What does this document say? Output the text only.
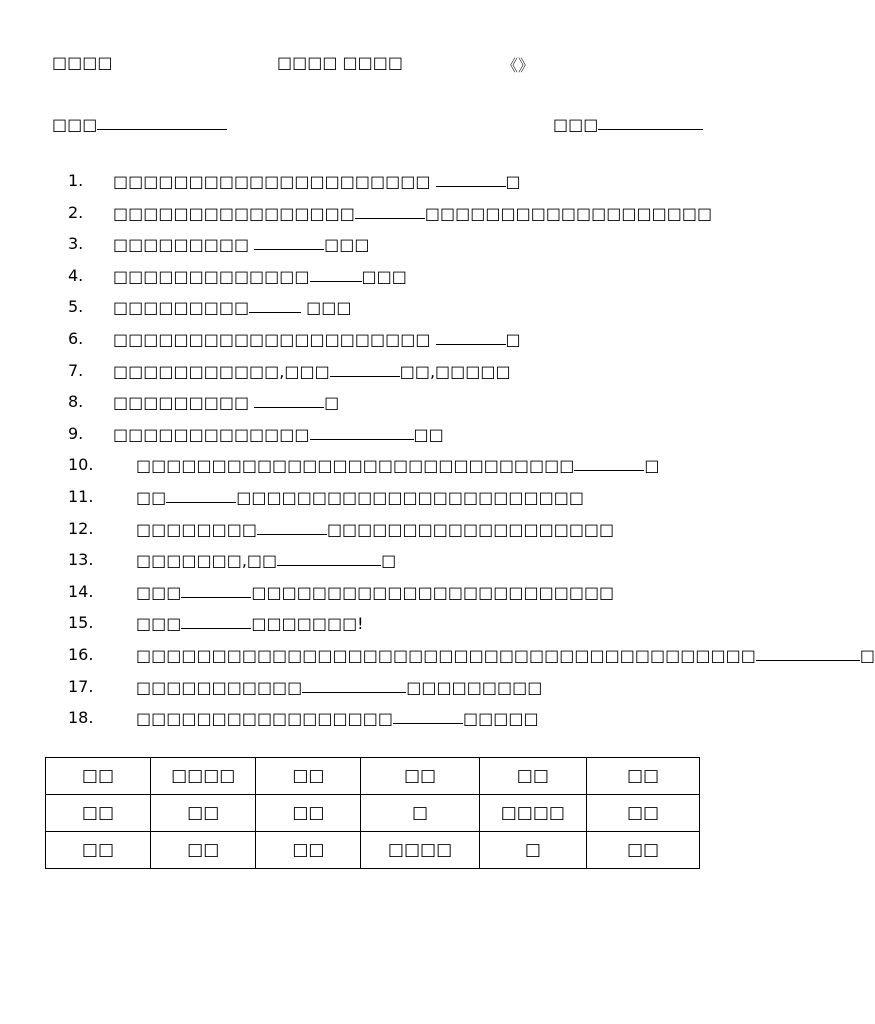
□□□□	□□□□ □□□□	《》
□□□	□□□
1. □□□□□□□□□□□□□□□□□□□□□	□
2. □□□□□□□□□□□□□□□□	□□□□□□□□□□□□□□□□□□□
3. □□□□□□□□□	□□□
4. □□□□□□□□□□□□□	□□□
5. □□□□□□□□□	□□□
6. □□□□□□□□□□□□□□□□□□□□□	□
7. □□□□□□□□□□□,□□□	□□,□□□□□
8. □□□□□□□□□	□
9. □□□□□□□□□□□□□	□□
10.	□□□□□□□□□□□□□□□□□□□□□□□□□□□□□	□
11.	□□	□□□□□□□□□□□□□□□□□□□□□□□
12.	□□□□□□□□	□□□□□□□□□□□□□□□□□□□
13.	□□□□□□□,□□	□
14.	□□□	□□□□□□□□□□□□□□□□□□□□□□□□
15.	□□□	□□□□□□□!
16.	□□□□□□□□□□□□□□□□□□□□□□□□□□□□□□□□□□□□□□□□□	□
17.	□□□□□□□□□□□	□□□□□□□□□
18.	□□□□□□□□□□□□□□□□□	□□□□□
□□	□□□□	□□	□□	□□	□□
□□	□□	□□	□	□□□□	□□
□□	□□	□□	□□□□	□	□□
